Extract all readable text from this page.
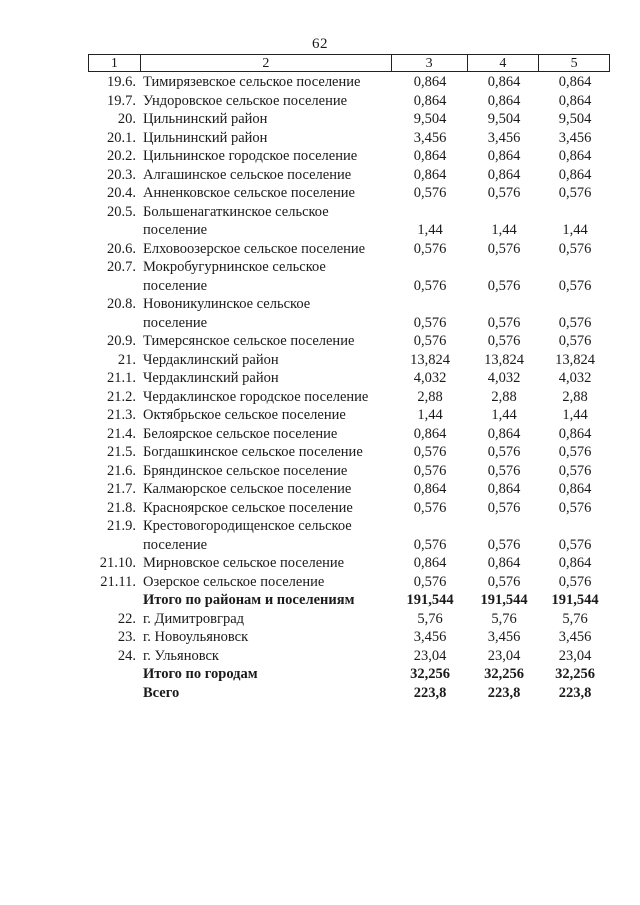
62
1	2	3	4	5
19.6. Тимирязевское сельское поселение	0,864	0,864	0,864
19.7. Ундоровское сельское поселение	0,864	0,864	0,864
20. Цильнинский район	9,504	9,504	9,504
20.1. Цильнинский район	3,456	3,456	3,456
20.2. Цильнинское городское поселение	0,864	0,864	0,864
20.3. Алгашинское сельское поселение	0,864	0,864	0,864
20.4. Анненковское сельское поселение	0,576	0,576	0,576
20.5. Большенагаткинское сельское
поселение	1,44	1,44	1,44
20.6. Елховоозерское сельское поселение	0,576	0,576	0,576
20.7. Мокробугурнинское сельское
поселение	0,576	0,576	0,576
20.8. Новоникулинское сельское
поселение	0,576	0,576	0,576
20.9. Тимерсянское сельское поселение	0,576	0,576	0,576
21. Чердаклинский район	13,824	13,824	13,824
21.1. Чердаклинский район	4,032	4,032	4,032
21.2. Чердаклинское городское поселение	2,88	2,88	2,88
21.3. Октябрьское сельское поселение	1,44	1,44	1,44
21.4. Белоярское сельское поселение	0,864	0,864	0,864
21.5. Богдашкинское сельское поселение	0,576	0,576	0,576
21.6. Бряндинское сельское поселение	0,576	0,576	0,576
21.7. Калмаюрское сельское поселение	0,864	0,864	0,864
21.8. Красноярское сельское поселение	0,576	0,576	0,576
21.9. Крестовогородищенское сельское
поселение	0,576	0,576	0,576
21.10. Мирновское сельское поселение	0,864	0,864	0,864
21.11. Озерское сельское поселение	0,576	0,576	0,576
Итого по районам и поселениям	191,544	191,544	191,544
22. г. Димитровград	5,76	5,76	5,76
23. г. Новоульяновск	3,456	3,456	3,456
24. г. Ульяновск	23,04	23,04	23,04
Итого по городам	32,256	32,256	32,256
Всего	223,8	223,8	223,8
